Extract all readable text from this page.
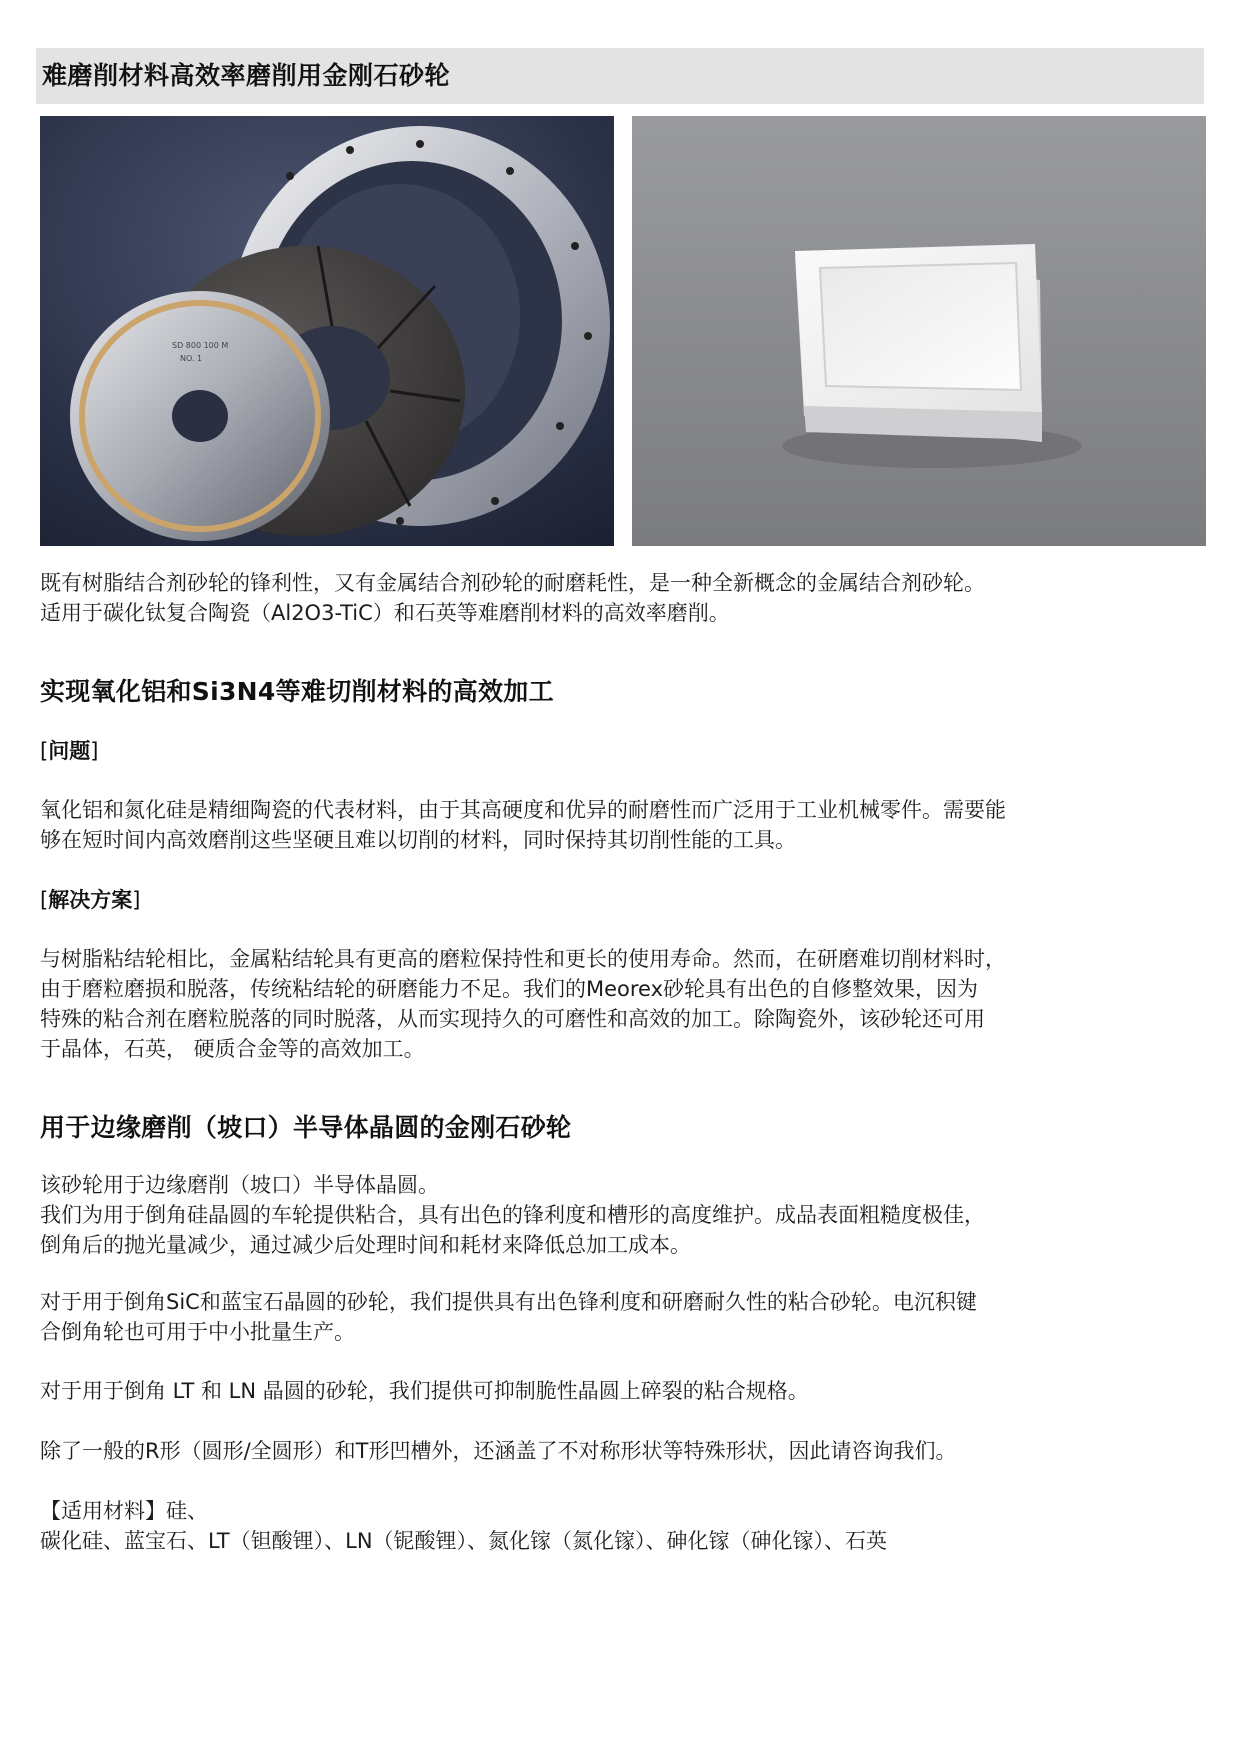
难磨削材料高效率磨削用金刚石砂轮
SD 800 100 M
NO. 1

既有树脂结合剂砂轮的锋利性，又有金属结合剂砂轮的耐磨耗性，是一种全新概念的金属结合剂砂轮。

适用于碳化钛复合陶瓷（Al2O3-TiC）和石英等难磨削材料的高效率磨削。

实现氧化铝和Si3N4等难切削材料的高效加工

[问题]

氧化铝和氮化硅是精细陶瓷的代表材料，由于其高硬度和优异的耐磨性而广泛用于工业机械零件。需要能

够在短时间内高效磨削这些坚硬且难以切削的材料，同时保持其切削性能的工具。

[解决方案]

与树脂粘结轮相比，金属粘结轮具有更高的磨粒保持性和更长的使用寿命。然而，在研磨难切削材料时，

由于磨粒磨损和脱落，传统粘结轮的研磨能力不足。我们的Meorex砂轮具有出色的自修整效果，因为

特殊的粘合剂在磨粒脱落的同时脱落，从而实现持久的可磨性和高效的加工。除陶瓷外，该砂轮还可用

于晶体，石英， 硬质合金等的高效加工。

用于边缘磨削（坡口）半导体晶圆的金刚石砂轮

该砂轮用于边缘磨削（坡口）半导体晶圆。

我们为用于倒角硅晶圆的车轮提供粘合，具有出色的锋利度和槽形的高度维护。成品表面粗糙度极佳，

倒角后的抛光量减少，通过减少后处理时间和耗材来降低总加工成本。

对于用于倒角SiC和蓝宝石晶圆的砂轮，我们提供具有出色锋利度和研磨耐久性的粘合砂轮。电沉积键

合倒角轮也可用于中小批量生产。

对于用于倒角 LT 和 LN 晶圆的砂轮，我们提供可抑制脆性晶圆上碎裂的粘合规格。

除了一般的R形（圆形/全圆形）和T形凹槽外，还涵盖了不对称形状等特殊形状，因此请咨询我们。

【适用材料】硅、

碳化硅、蓝宝石、LT（钽酸锂）、LN（铌酸锂）、氮化镓（氮化镓）、砷化镓（砷化镓）、石英
